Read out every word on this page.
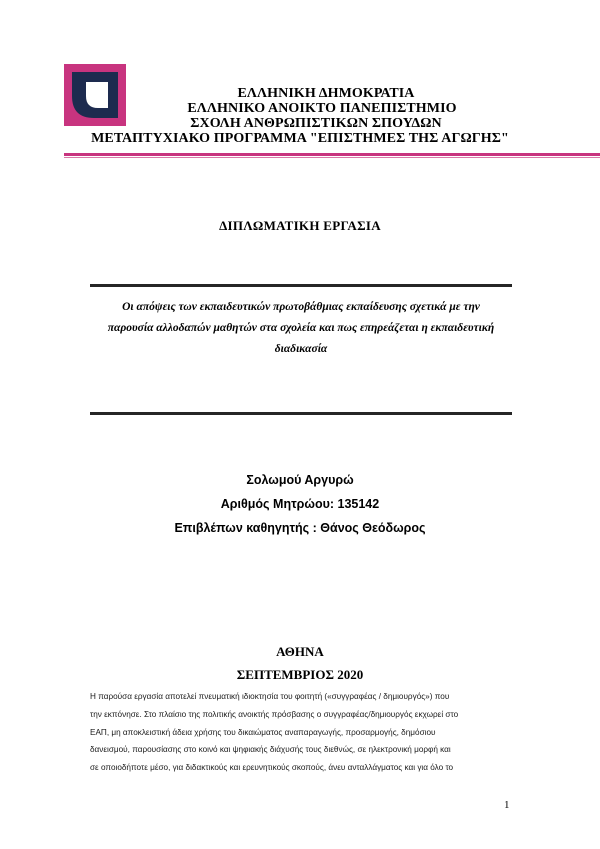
ΕΛΛΗΝΙΚΗ ΔΗΜΟΚΡΑΤΙΑ
ΕΛΛΗΝΙΚΟ ΑΝΟΙΚΤΟ ΠΑΝΕΠΙΣΤΗΜΙΟ
ΣΧΟΛΗ ΑΝΘΡΩΠΙΣΤΙΚΩΝ ΣΠΟΥΔΩΝ
ΜΕΤΑΠΤΥΧΙΑΚΟ ΠΡΟΓΡΑΜΜΑ "ΕΠΙΣΤΗΜΕΣ ΤΗΣ ΑΓΩΓΗΣ"
ΔΙΠΛΩΜΑΤΙΚΗ ΕΡΓΑΣΙΑ
Οι απόψεις των εκπαιδευτικών πρωτοβάθμιας εκπαίδευσης σχετικά με την
παρουσία αλλοδαπών μαθητών στα σχολεία και πως επηρεάζεται η εκπαιδευτική
διαδικασία
Σολωμού Αργυρώ
Αριθμός Μητρώου: 135142
Επιβλέπων καθηγητής : Θάνος Θεόδωρος
ΑΘΗΝΑ
ΣΕΠΤΕΜΒΡΙΟΣ 2020
Η παρούσα εργασία αποτελεί πνευματική ιδιοκτησία του φοιτητή («συγγραφέας / δημιουργός») που
την εκπόνησε. Στο πλαίσιο της πολιτικής ανοικτής πρόσβασης ο συγγραφέας/δημιουργός εκχωρεί στο
ΕΑΠ, μη αποκλειστική άδεια χρήσης του δικαιώματος αναπαραγωγής, προσαρμογής, δημόσιου
δανεισμού, παρουσίασης στο κοινό και ψηφιακής διάχυσής τους διεθνώς, σε ηλεκτρονική μορφή και
σε οποιοδήποτε μέσο, για διδακτικούς και ερευνητικούς σκοπούς, άνευ ανταλλάγματος και για όλο το
1
